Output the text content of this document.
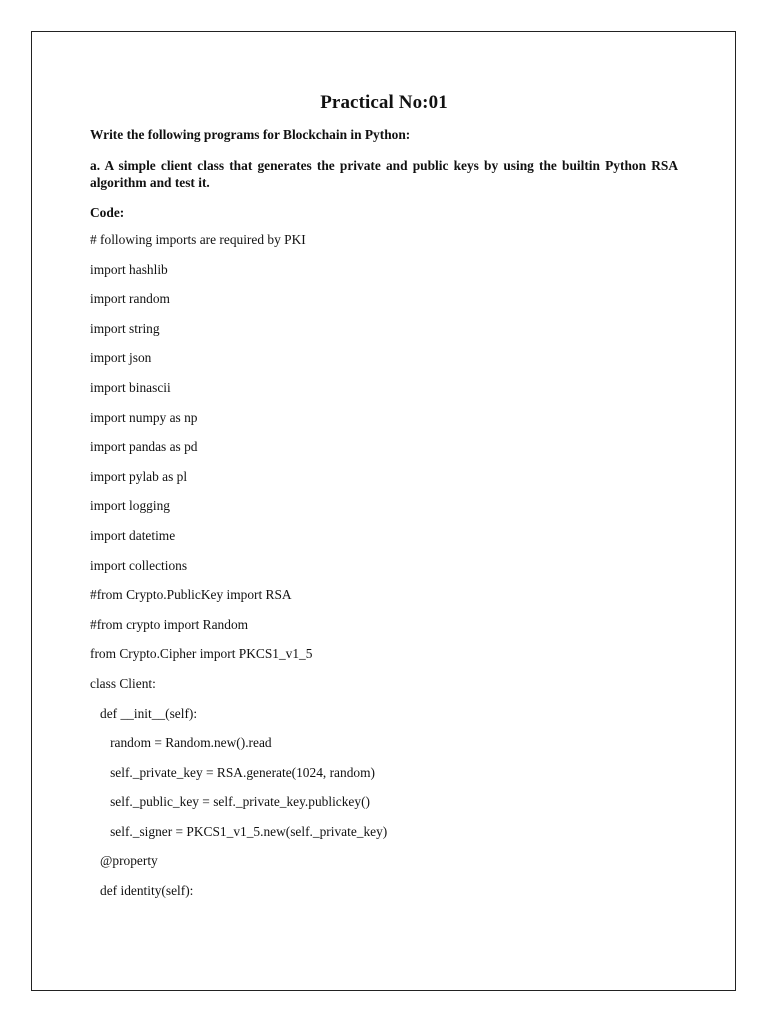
Practical No:01
Write the following programs for Blockchain in Python:
a. A simple client class that generates the private and public keys by using the builtin Python RSA algorithm and test it.
Code:
# following imports are required by PKI
import hashlib
import random
import string
import json
import binascii
import numpy as np
import pandas as pd
import pylab as pl
import logging
import datetime
import collections
#from Crypto.PublicKey import RSA
#from crypto import Random
from Crypto.Cipher import PKCS1_v1_5
class Client:
def __init__(self):
random = Random.new().read
self._private_key = RSA.generate(1024, random)
self._public_key = self._private_key.publickey()
self._signer = PKCS1_v1_5.new(self._private_key)
@property
def identity(self):
